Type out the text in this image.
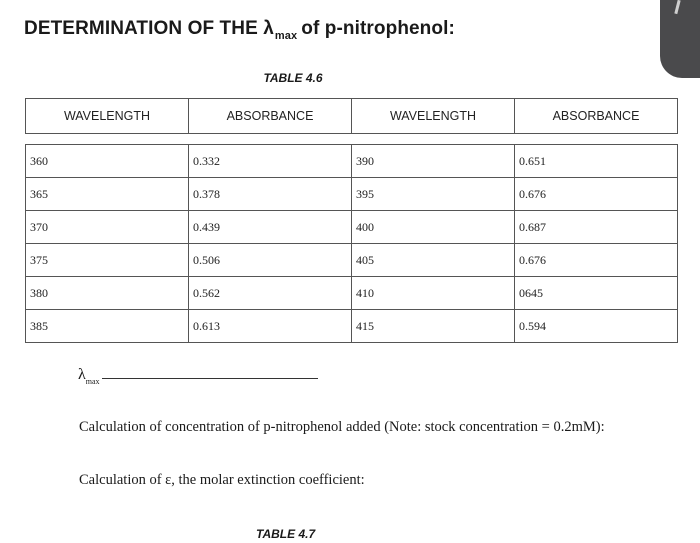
DETERMINATION OF THE $\lambda_{max}$ of p-nitrophenol:
TABLE 4.6
WAVELENGTH	ABSORBANCE	WAVELENGTH	ABSORBANCE

360	0.332	390	0.651
365	0.378	395	0.676
370	0.439	400	0.687
375	0.506	405	0.676
380	0.562	410	0645
385	0.613	415	0.594
$\lambda_{max}$
Calculation of concentration of p-nitrophenol added (Note: stock concentration = 0.2mM):
Calculation of ε, the molar extinction coefficient:
TABLE 4.7
